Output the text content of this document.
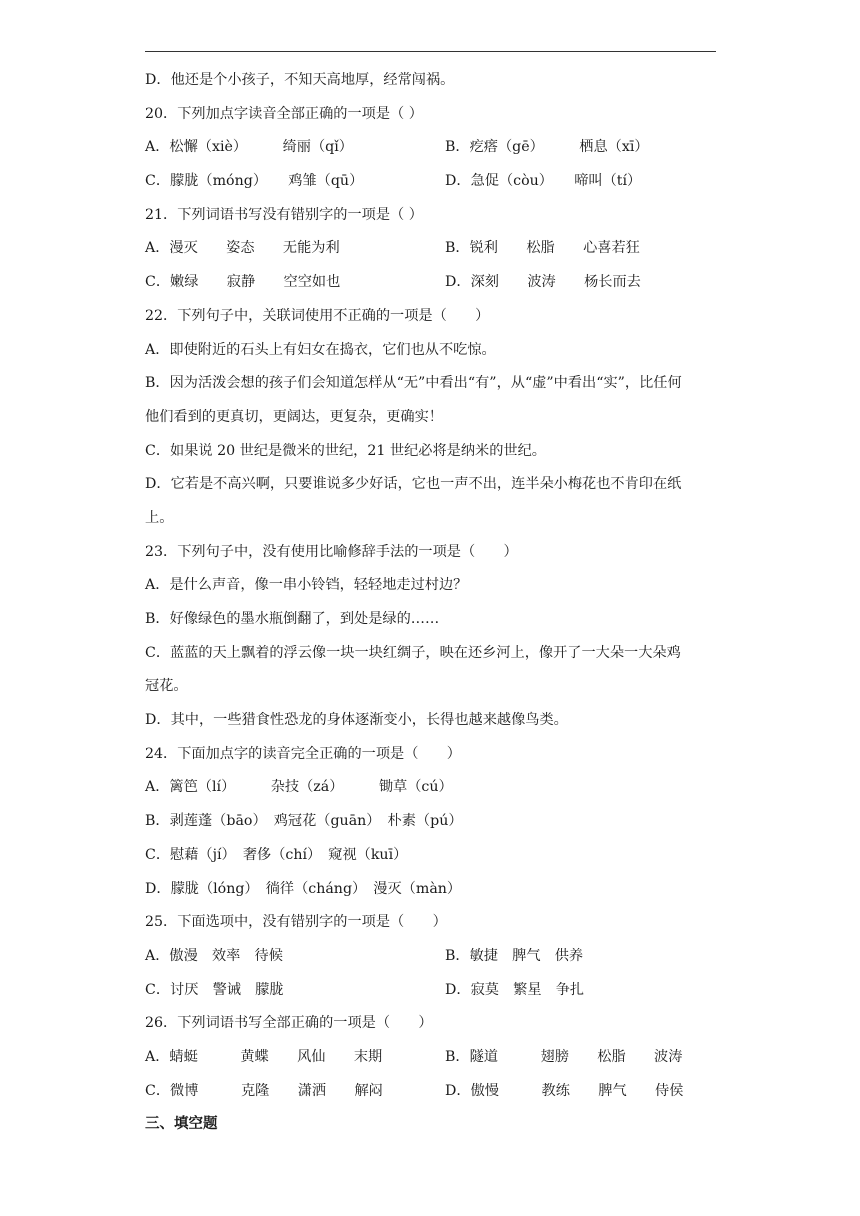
D．他还是个小孩子，不知天高地厚，经常闯祸。
20．下列加点字读音全部正确的一项是（ ）
A．松懈（xiè）　　　绮丽（qǐ）	B．疙瘩（gē）　　　栖息（xī）
C．朦胧（móng）　　鸡雏（qū）	D．急促（còu）　　啼叫（tí）
21．下列词语书写没有错别字的一项是（ ）
A．漫灭　　姿态　　无能为利	B．锐利　　松脂　　心喜若狂
C．嫩绿　　寂静　　空空如也	D．深刻　　波涛　　杨长而去
22．下列句子中，关联词使用不正确的一项是（　　）
A．即使附近的石头上有妇女在捣衣，它们也从不吃惊。
B．因为活泼会想的孩子们会知道怎样从“无”中看出“有”，从“虚”中看出“实”，比任何
他们看到的更真切，更阔达，更复杂，更确实！
C．如果说 20 世纪是微米的世纪，21 世纪必将是纳米的世纪。
D．它若是不高兴啊，只要谁说多少好话，它也一声不出，连半朵小梅花也不肯印在纸
上。
23．下列句子中，没有使用比喻修辞手法的一项是（　　）
A．是什么声音，像一串小铃铛，轻轻地走过村边？
B．好像绿色的墨水瓶倒翻了，到处是绿的……
C．蓝蓝的天上飘着的浮云像一块一块红绸子，映在还乡河上，像开了一大朵一大朵鸡
冠花。
D．其中，一些猎食性恐龙的身体逐渐变小，长得也越来越像鸟类。
24．下面加点字的读音完全正确的一项是（　　）
A．篱笆（lí）　　　杂技（zá）　　　锄草（cú）
B．剥莲蓬（bāo）　鸡冠花（guān）　朴素（pú）
C．慰藉（jí）　奢侈（chí）　窥视（kuī）
D．朦胧（lóng）　徜徉（cháng）　漫灭（màn）
25．下面选项中，没有错别字的一项是（　　）
A．傲漫　效率　待候	B．敏捷　脾气　供养
C．讨厌　警诫　朦胧	D．寂莫　繁星　争扎
26．下列词语书写全部正确的一项是（　　）
A．蜻蜓　　　黄蝶　　风仙　　末期	B．隧道　　　翅膀　　松脂　　波涛
C．微博　　　克隆　　潇洒　　解闷	D．傲慢　　　教练　　脾气　　侍侯
三、填空题
